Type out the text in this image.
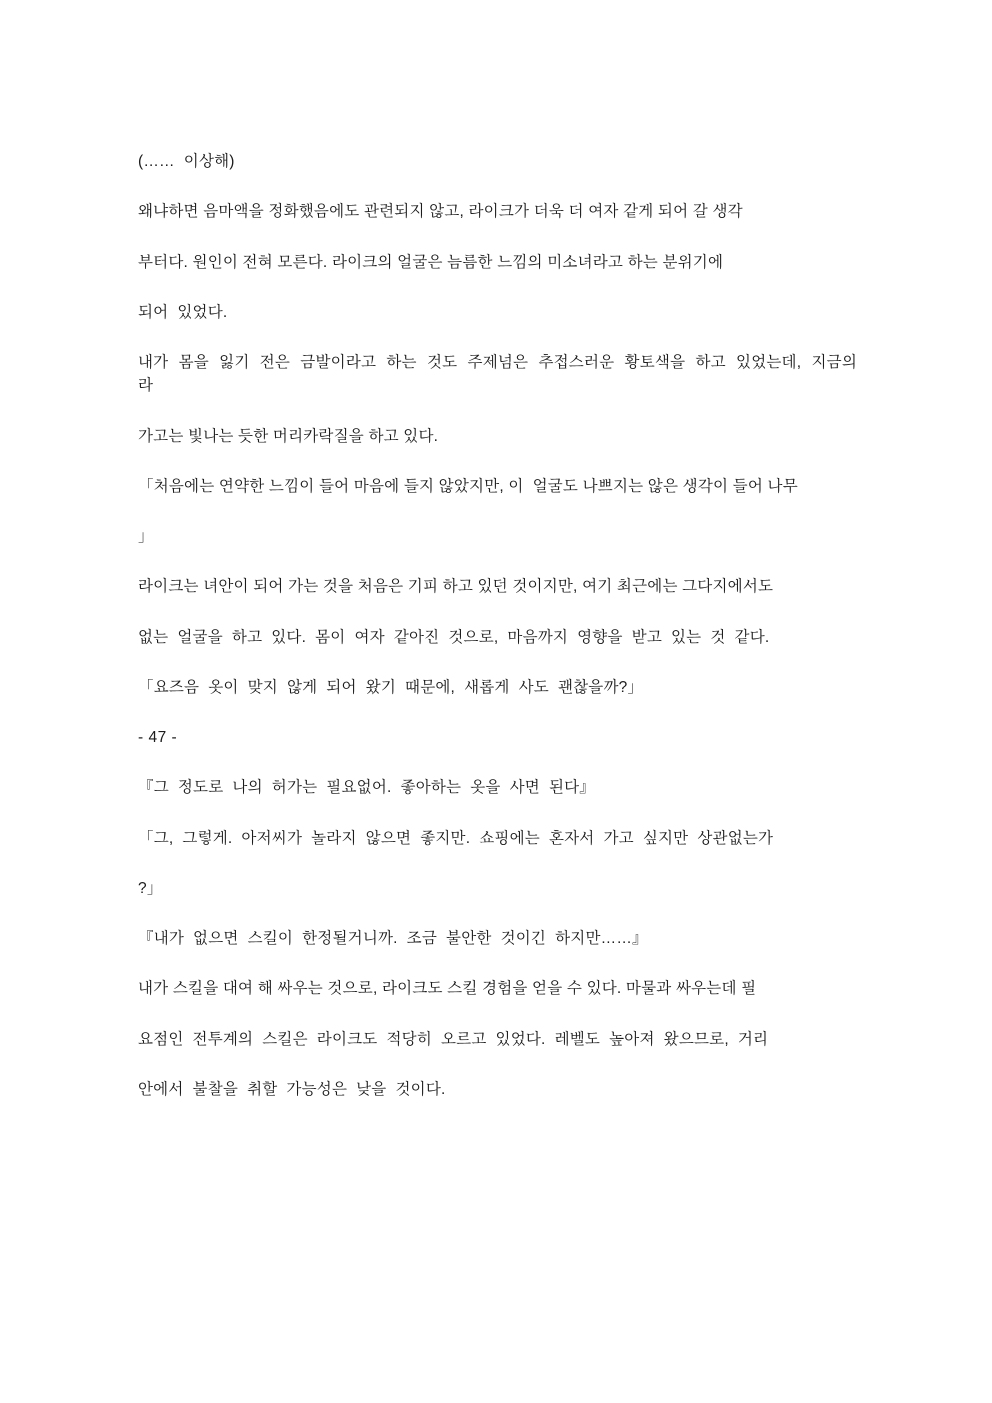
(……  이상해)

왜냐하면 음마액을 정화했음에도 관련되지 않고, 라이크가 더욱 더 여자 같게 되어 갈 생각

부터다. 원인이 전혀 모른다. 라이크의 얼굴은 늠름한 느낌의 미소녀라고 하는 분위기에

되어  있었다.

내가  몸을  잃기  전은  금발이라고  하는  것도  주제넘은  추접스러운  황토색을  하고  있었는데,  지금의 라

가고는 빛나는 듯한 머리카락질을 하고 있다.

「처음에는 연약한 느낌이 들어 마음에 들지 않았지만, 이  얼굴도 나쁘지는 않은 생각이 들어 나무

」

라이크는 녀안이 되어 가는 것을 처음은 기피 하고 있던 것이지만, 여기 최근에는 그다지에서도

없는  얼굴을  하고  있다.  몸이  여자  같아진  것으로,  마음까지  영향을  받고  있는  것  같다.

「요즈음  옷이  맞지  않게  되어  왔기  때문에,  새롭게  사도  괜찮을까?」

- 47 -

『그  정도로  나의  허가는  필요없어.  좋아하는  옷을  사면  된다』

「그,  그렇게.  아저씨가  놀라지  않으면  좋지만.  쇼핑에는  혼자서  가고  싶지만  상관없는가

?」

『내가  없으면  스킬이  한정될거니까.  조금  불안한  것이긴  하지만……』

내가 스킬을 대여 해 싸우는 것으로, 라이크도 스킬 경험을 얻을 수 있다. 마물과 싸우는데 필

요점인  전투계의  스킬은  라이크도  적당히  오르고  있었다.  레벨도  높아져  왔으므로,  거리

안에서  불찰을  취할  가능성은  낮을  것이다.
